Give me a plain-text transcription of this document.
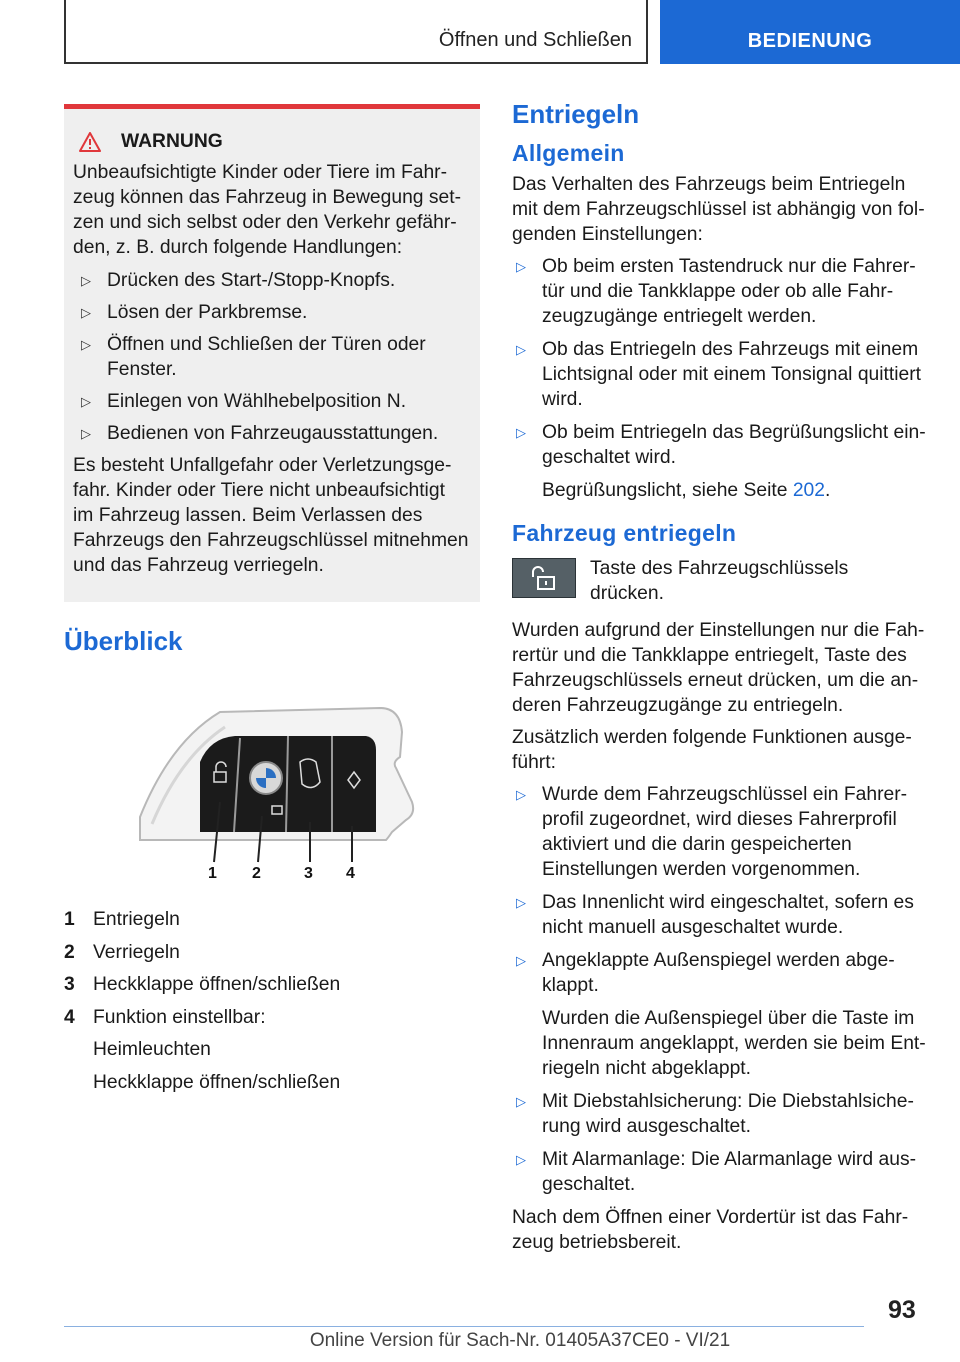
Öffnen und Schließen	BEDIENUNG
WARNUNG

Unbeaufsichtigte Kinder oder Tiere im Fahrzeug können das Fahrzeug in Bewegung setzen und sich selbst oder den Verkehr gefährden, z. B. durch folgende Handlungen:

▷ Drücken des Start-/Stopp-Knopfs.
▷ Lösen der Parkbremse.
▷ Öffnen und Schließen der Türen oder Fenster.
▷ Einlegen von Wählhebelposition N.
▷ Bedienen von Fahrzeugausstattungen.

Es besteht Unfallgefahr oder Verletzungsgefahr. Kinder oder Tiere nicht unbeaufsichtigt im Fahrzeug lassen. Beim Verlassen des Fahrzeugs den Fahrzeugschlüssel mitnehmen und das Fahrzeug verriegeln.

Überblick
1 2	3 4
1 Entriegeln
2 Verriegeln
3 Heckklappe öffnen/schließen
4 Funktion einstellbar:
Heimleuchten
Heckklappe öffnen/schließen
Entriegeln
Allgemein

Das Verhalten des Fahrzeugs beim Entriegeln mit dem Fahrzeugschlüssel ist abhängig von folgenden Einstellungen:

▷ Ob beim ersten Tastendruck nur die Fahrertür und die Tankklappe oder ob alle Fahrzeugzugänge entriegelt werden.
▷ Ob das Entriegeln des Fahrzeugs mit einem Lichtsignal oder mit einem Tonsignal quittiert wird.
▷ Ob beim Entriegeln das Begrüßungslicht eingeschaltet wird.

Begrüßungslicht, siehe Seite 202.

Fahrzeug entriegeln
Taste des Fahrzeugschlüssels drücken.

Wurden aufgrund der Einstellungen nur die Fahrertür und die Tankklappe entriegelt, Taste des Fahrzeugschlüssels erneut drücken, um die anderen Fahrzeugzugänge zu entriegeln.

Zusätzlich werden folgende Funktionen ausgeführt:

▷ Wurde dem Fahrzeugschlüssel ein Fahrerprofil zugeordnet, wird dieses Fahrerprofil aktiviert und die darin gespeicherten Einstellungen werden vorgenommen.
▷ Das Innenlicht wird eingeschaltet, sofern es nicht manuell ausgeschaltet wurde.
▷ Angeklappte Außenspiegel werden abgeklappt.

Wurden die Außenspiegel über die Taste im Innenraum angeklappt, werden sie beim Entriegeln nicht abgeklappt.

▷ Mit Diebstahlsicherung: Die Diebstahlsicherung wird ausgeschaltet.
▷ Mit Alarmanlage: Die Alarmanlage wird ausgeschaltet.

Nach dem Öffnen einer Vordertür ist das Fahrzeug betriebsbereit.

93
Online Version für Sach-Nr. 01405A37CE0 - VI/21
